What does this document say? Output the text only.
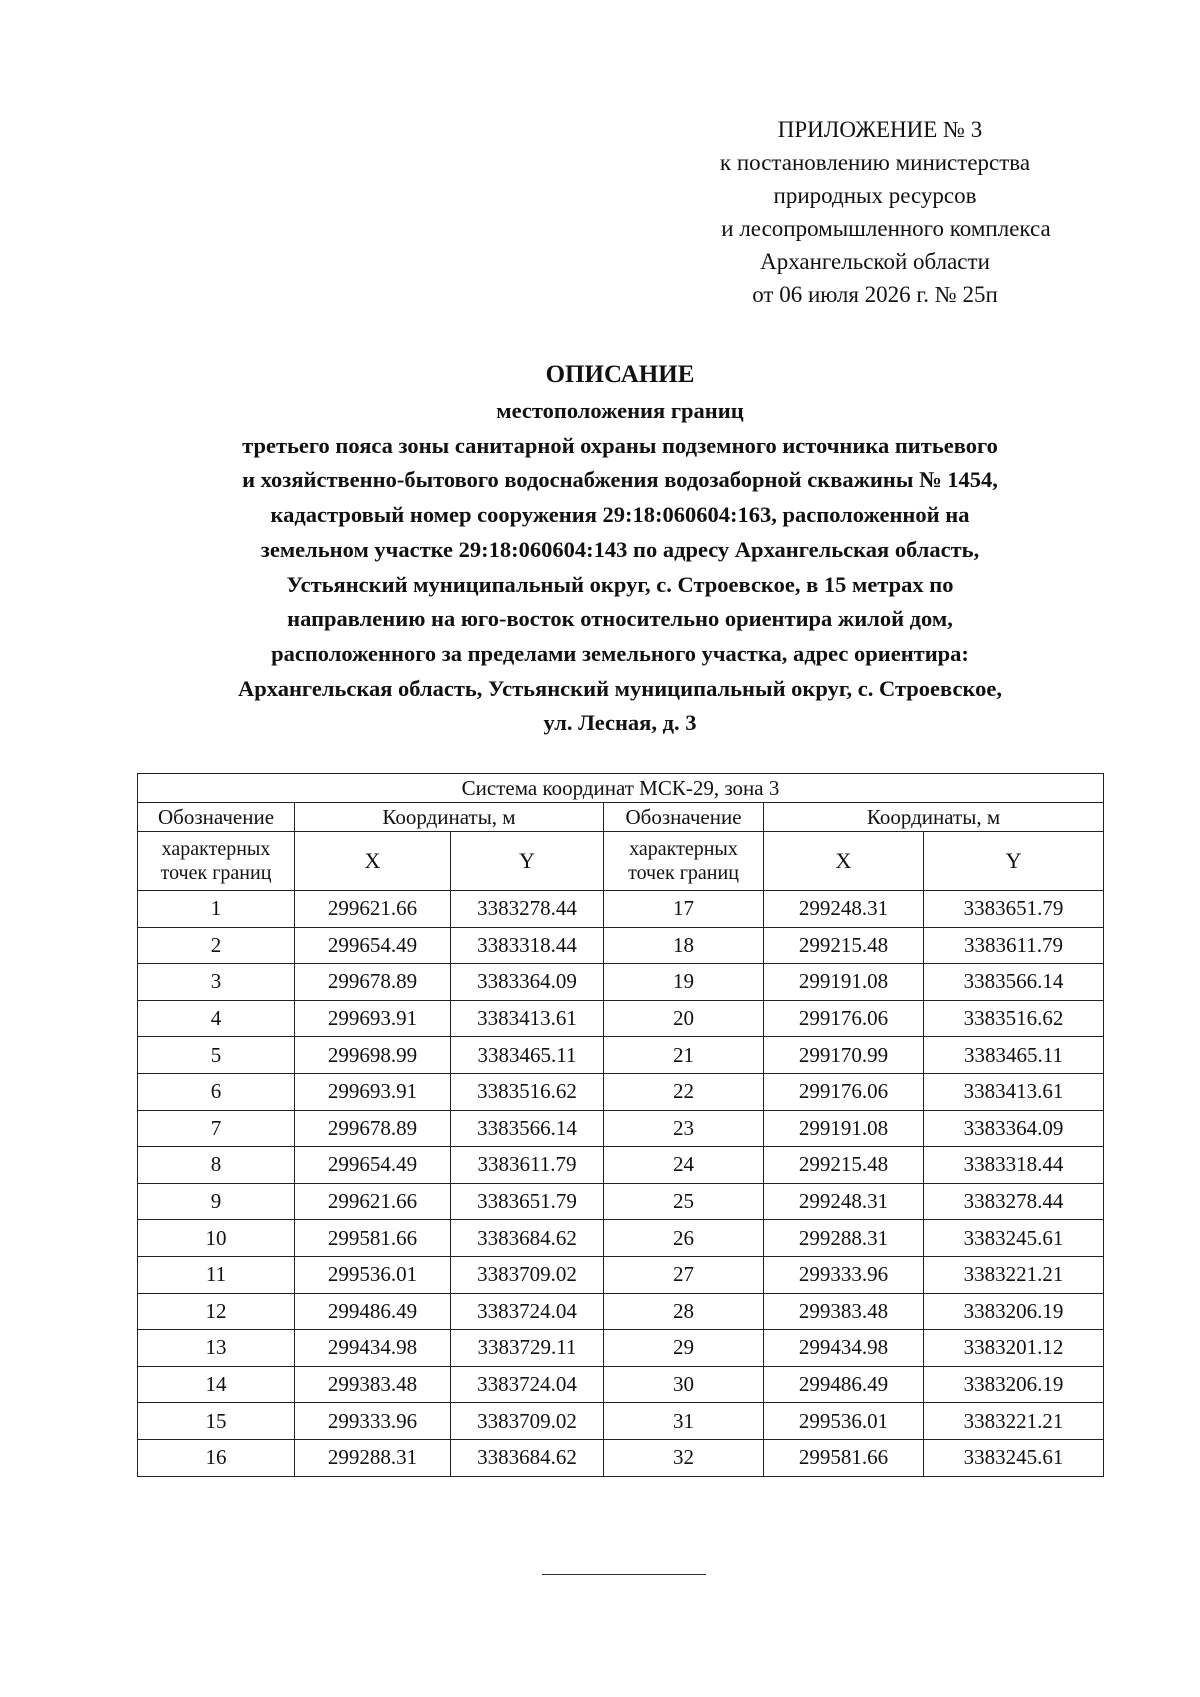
ПРИЛОЖЕНИЕ № 3
к постановлению министерства
природных ресурсов
и лесопромышленного комплекса
Архангельской области
от 06 июля 2026 г. № 25п
ОПИСАНИЕ
местоположения границ
третьего пояса зоны санитарной охраны подземного источника питьевого
и хозяйственно-бытового водоснабжения водозаборной скважины № 1454,
кадастровый номер сооружения 29:18:060604:163, расположенной на
земельном участке 29:18:060604:143 по адресу Архангельская область,
Устьянский муниципальный округ, с. Строевское, в 15 метрах по
направлению на юго-восток относительно ориентира жилой дом,
расположенного за пределами земельного участка, адрес ориентира:
Архангельская область, Устьянский муниципальный округ, с. Строевское,
ул. Лесная, д. 3
Система координат МСК-29, зона 3					
Обозначение	Координаты, м		Обозначение	Координаты, м	
характерных точек границ	X	Y	характерных точек границ	X	Y
1	299621.66	3383278.44	17	299248.31	3383651.79
2	299654.49	3383318.44	18	299215.48	3383611.79
3	299678.89	3383364.09	19	299191.08	3383566.14
4	299693.91	3383413.61	20	299176.06	3383516.62
5	299698.99	3383465.11	21	299170.99	3383465.11
6	299693.91	3383516.62	22	299176.06	3383413.61
7	299678.89	3383566.14	23	299191.08	3383364.09
8	299654.49	3383611.79	24	299215.48	3383318.44
9	299621.66	3383651.79	25	299248.31	3383278.44
10	299581.66	3383684.62	26	299288.31	3383245.61
11	299536.01	3383709.02	27	299333.96	3383221.21
12	299486.49	3383724.04	28	299383.48	3383206.19
13	299434.98	3383729.11	29	299434.98	3383201.12
14	299383.48	3383724.04	30	299486.49	3383206.19
15	299333.96	3383709.02	31	299536.01	3383221.21
16	299288.31	3383684.62	32	299581.66	3383245.61
